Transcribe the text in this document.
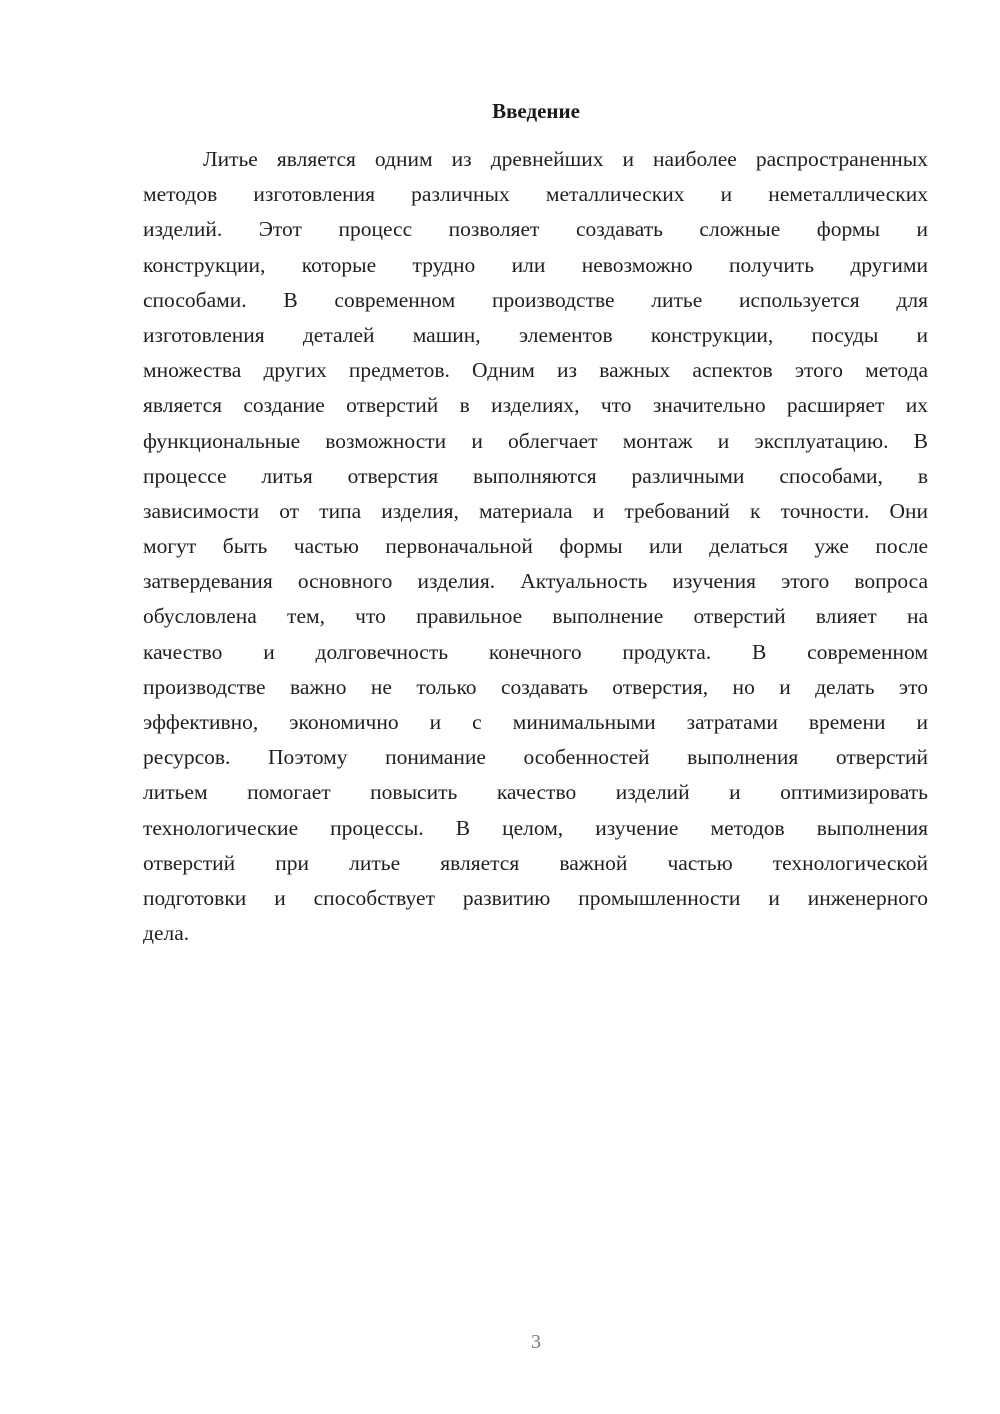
Введение
Литье является одним из древнейших и наиболее распространенных
методов изготовления различных металлических и неметаллических
изделий. Этот процесс позволяет создавать сложные формы и
конструкции, которые трудно или невозможно получить другими
способами. В современном производстве литье используется для
изготовления деталей машин, элементов конструкции, посуды и
множества других предметов. Одним из важных аспектов этого метода
является создание отверстий в изделиях, что значительно расширяет их
функциональные возможности и облегчает монтаж и эксплуатацию. В
процессе литья отверстия выполняются различными способами, в
зависимости от типа изделия, материала и требований к точности. Они
могут быть частью первоначальной формы или делаться уже после
затвердевания основного изделия. Актуальность изучения этого вопроса
обусловлена тем, что правильное выполнение отверстий влияет на
качество и долговечность конечного продукта. В современном
производстве важно не только создавать отверстия, но и делать это
эффективно, экономично и с минимальными затратами времени и
ресурсов. Поэтому понимание особенностей выполнения отверстий
литьем помогает повысить качество изделий и оптимизировать
технологические процессы. В целом, изучение методов выполнения
отверстий при литье является важной частью технологической
подготовки и способствует развитию промышленности и инженерного
дела.
3
